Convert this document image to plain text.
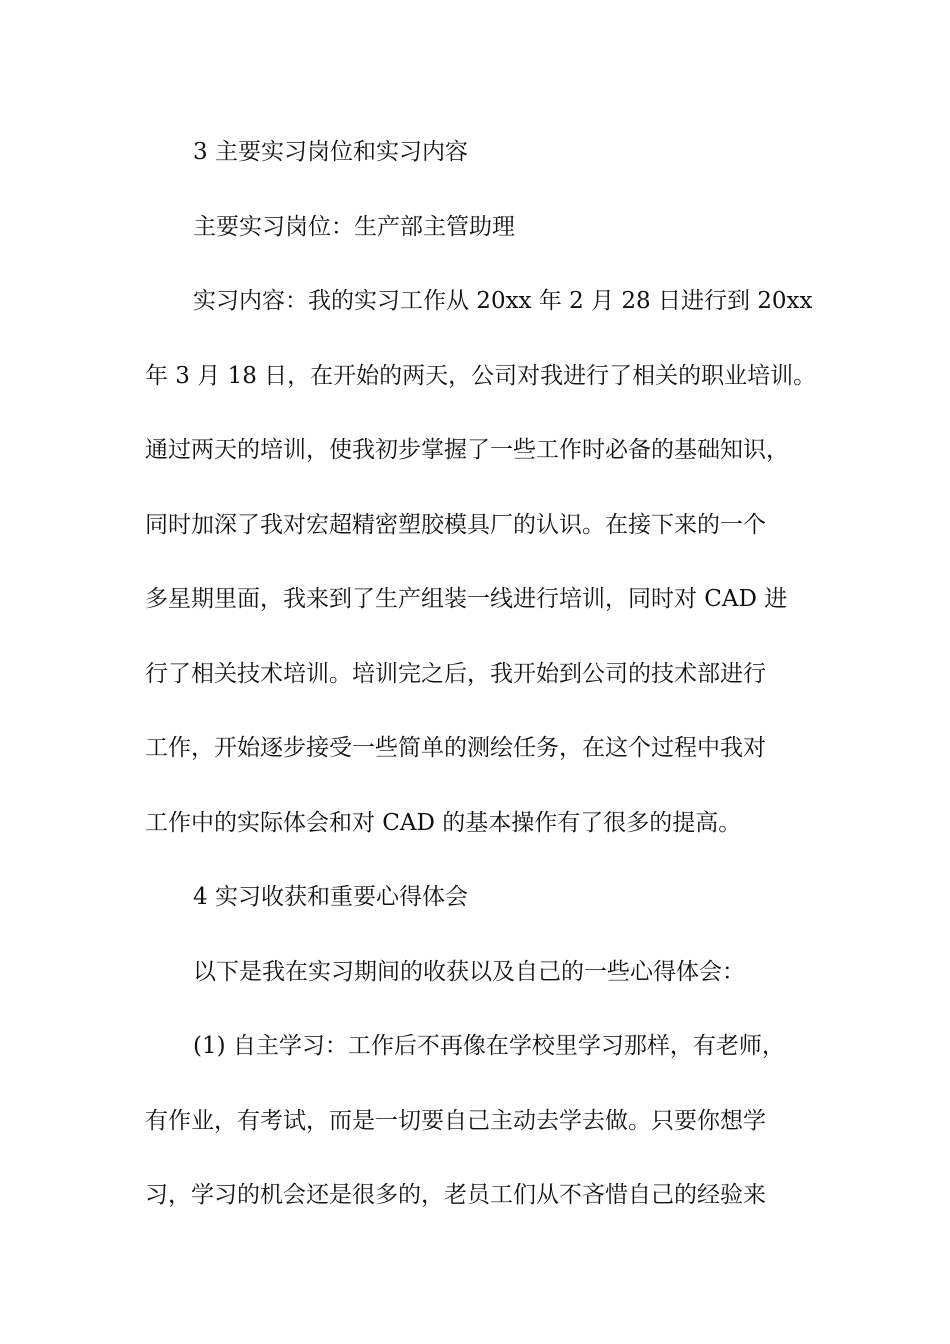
3 主要实习岗位和实习内容
主要实习岗位：生产部主管助理
实习内容：我的实习工作从 20xx 年 2 月 28 日进行到 20xx
年 3 月 18 日，在开始的两天，公司对我进行了相关的职业培训。
通过两天的培训，使我初步掌握了一些工作时必备的基础知识，
同时加深了我对宏超精密塑胶模具厂的认识。在接下来的一个
多星期里面，我来到了生产组装一线进行培训，同时对 CAD 进
行了相关技术培训。培训完之后，我开始到公司的技术部进行
工作，开始逐步接受一些简单的测绘任务，在这个过程中我对
工作中的实际体会和对 CAD 的基本操作有了很多的提高。
4 实习收获和重要心得体会
以下是我在实习期间的收获以及自己的一些心得体会：
(1) 自主学习：工作后不再像在学校里学习那样，有老师，
有作业，有考试，而是一切要自己主动去学去做。只要你想学
习，学习的机会还是很多的，老员工们从不吝惜自己的经验来
